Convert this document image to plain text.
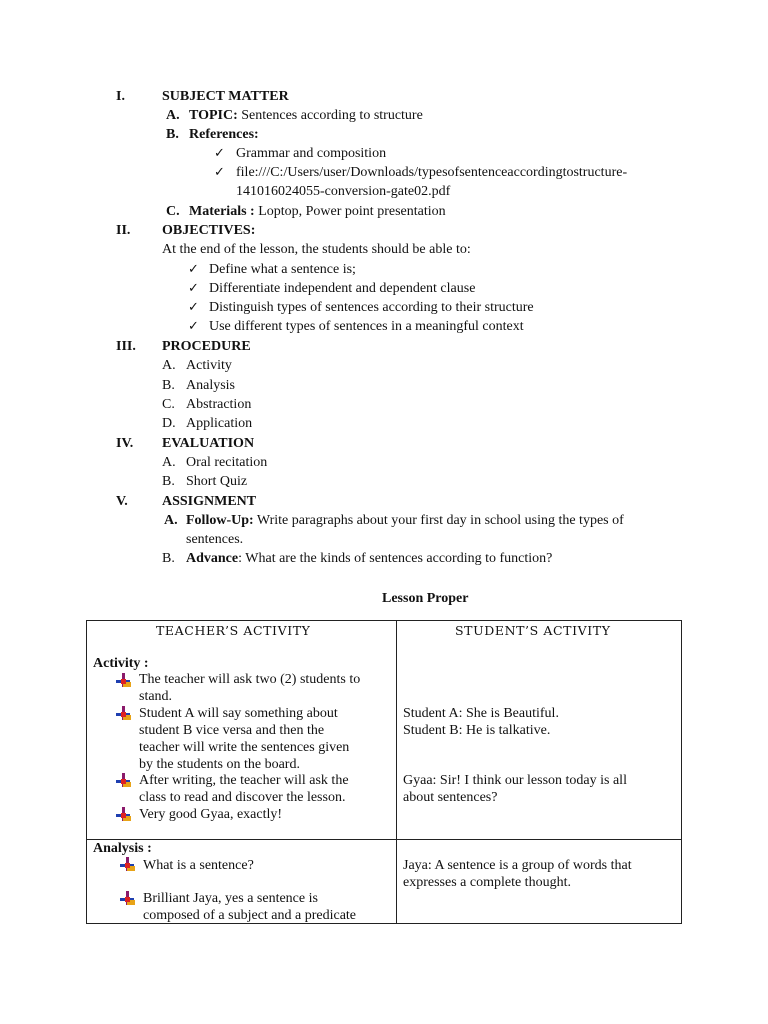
I.	SUBJECT MATTER
A. TOPIC: Sentences according to structure
B. References:
✓
Grammar and composition
✓
file:///C:/Users/user/Downloads/typesofsentenceaccordingtostructure-
141016024055-conversion-gate02.pdf
C. Materials : Loptop, Power point presentation
II. OBJECTIVES:
At the end of the lesson, the students should be able to:
✓
Define what a sentence is;
✓
Differentiate independent and dependent clause
✓
Distinguish types of sentences according to their structure
✓
Use different types of sentences in a meaningful context
III. PROCEDURE
A. Activity
B. Analysis
C. Abstraction
D. Application
IV. EVALUATION
A. Oral recitation
B. Short Quiz
V. ASSIGNMENT
A. Follow-Up: Write paragraphs about your first day in school using the types of
sentences.
B. Advance: What are the kinds of sentences according to function?
Lesson Proper
TEACHER’S ACTIVITY	STUDENT’S ACTIVITY
Activity :
The teacher will ask two (2) students to
stand.
Student A will say something about
student B vice versa and then the
teacher will write the sentences given
by the students on the board.
After writing, the teacher will ask the
class to read and discover the lesson.
Very good Gyaa, exactly!
Student A: She is Beautiful.
Student B: He is talkative.
Gyaa: Sir! I think our lesson today is all
about sentences?
Analysis :
What is a sentence?
Brilliant Jaya, yes a sentence is
composed of a subject and a predicate
Jaya: A sentence is a group of words that
expresses a complete thought.
